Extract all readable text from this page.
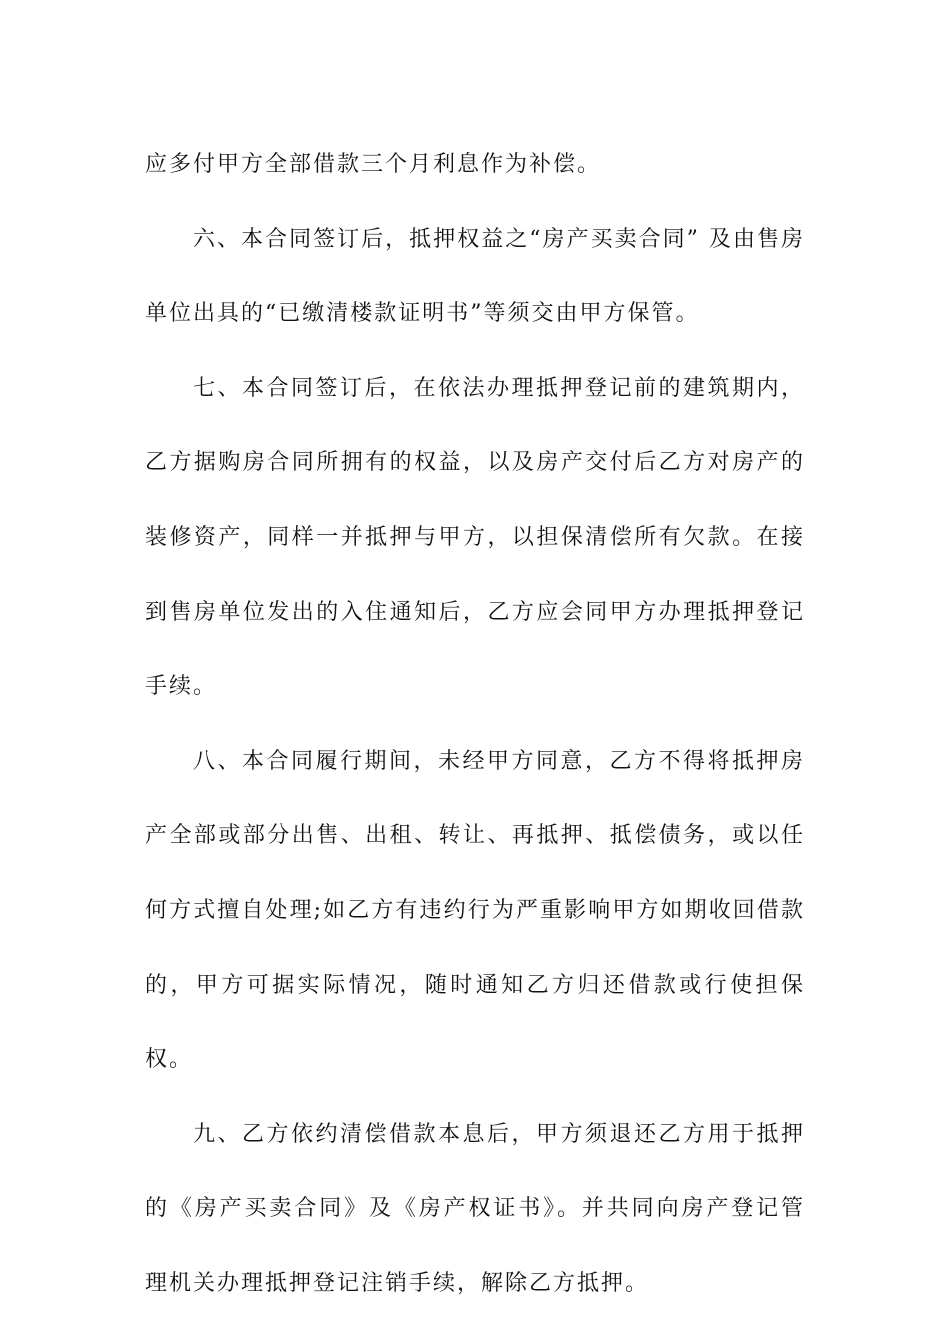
应多付甲方全部借款三个月利息作为补偿。

六、本合同签订后，抵押权益之“房产买卖合同” 及由售房单位出具的“已缴清楼款证明书”等须交由甲方保管。

七、本合同签订后，在依法办理抵押登记前的建筑期内，乙方据购房合同所拥有的权益，以及房产交付后乙方对房产的装修资产，同样一并抵押与甲方，以担保清偿所有欠款。在接到售房单位发出的入住通知后，乙方应会同甲方办理抵押登记手续。

八、本合同履行期间，未经甲方同意，乙方不得将抵押房产全部或部分出售、出租、转让、再抵押、抵偿债务，或以任何方式擅自处理;如乙方有违约行为严重影响甲方如期收回借款的，甲方可据实际情况，随时通知乙方归还借款或行使担保权。

九、乙方依约清偿借款本息后，甲方须退还乙方用于抵押的《房产买卖合同》及《房产权证书》。并共同向房产登记管理机关办理抵押登记注销手续，解除乙方抵押。
